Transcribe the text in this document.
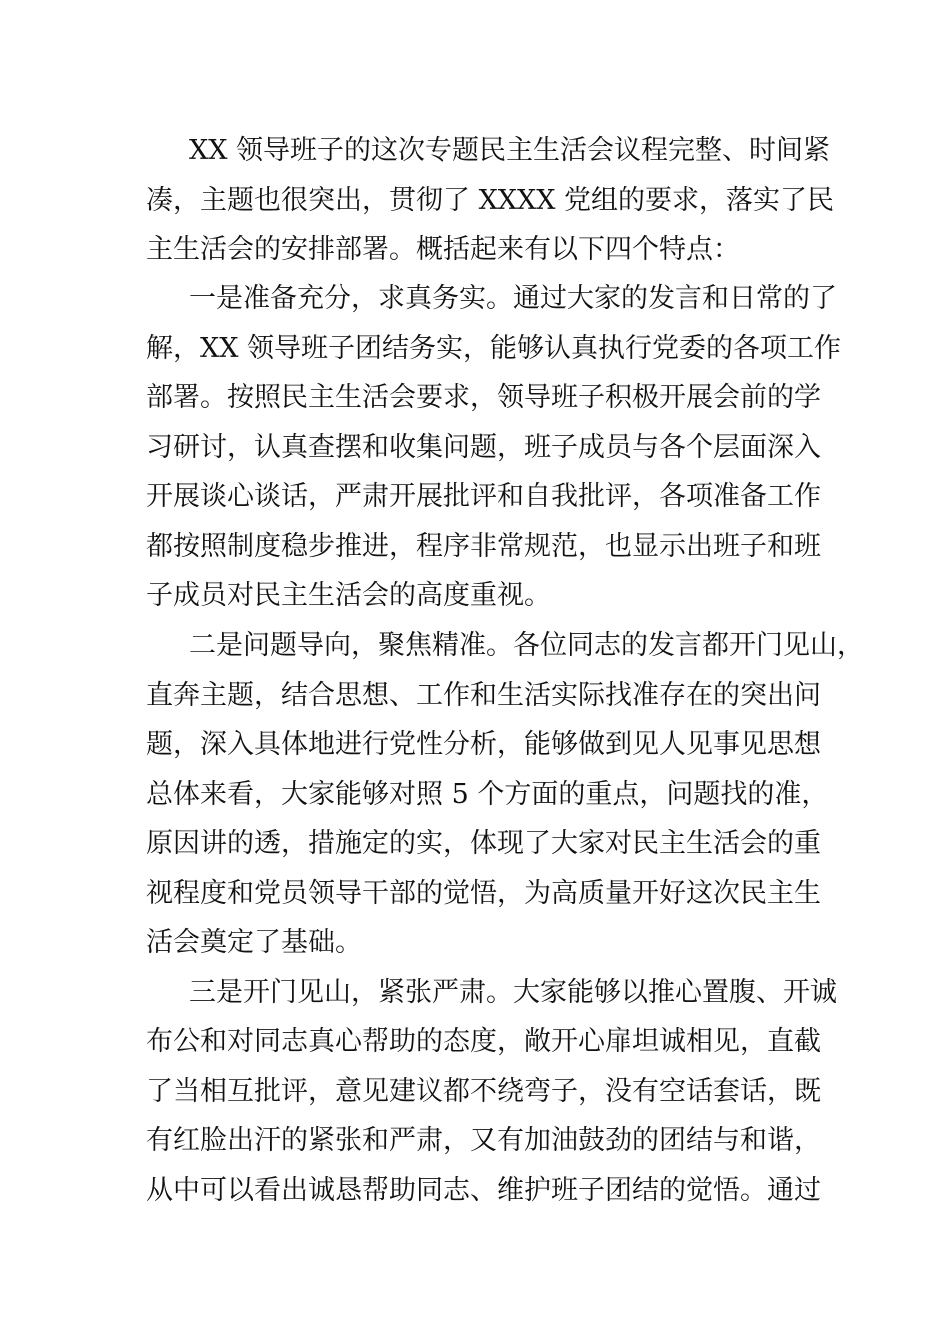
XX 领导班子的这次专题民主生活会议程完整、时间紧
凑，主题也很突出，贯彻了 XXXX 党组的要求，落实了民
主生活会的安排部署。概括起来有以下四个特点：
一是准备充分，求真务实。通过大家的发言和日常的了
解，XX 领导班子团结务实，能够认真执行党委的各项工作
部署。按照民主生活会要求，领导班子积极开展会前的学
习研讨，认真查摆和收集问题，班子成员与各个层面深入
开展谈心谈话，严肃开展批评和自我批评，各项准备工作
都按照制度稳步推进，程序非常规范，也显示出班子和班
子成员对民主生活会的高度重视。
二是问题导向，聚焦精准。各位同志的发言都开门见山，
直奔主题，结合思想、工作和生活实际找准存在的突出问
题，深入具体地进行党性分析，能够做到见人见事见思想
总体来看，大家能够对照 5 个方面的重点，问题找的准，
原因讲的透，措施定的实，体现了大家对民主生活会的重
视程度和党员领导干部的觉悟，为高质量开好这次民主生
活会奠定了基础。
三是开门见山，紧张严肃。大家能够以推心置腹、开诚
布公和对同志真心帮助的态度，敞开心扉坦诚相见，直截
了当相互批评，意见建议都不绕弯子，没有空话套话，既
有红脸出汗的紧张和严肃，又有加油鼓劲的团结与和谐，
从中可以看出诚恳帮助同志、维护班子团结的觉悟。通过
